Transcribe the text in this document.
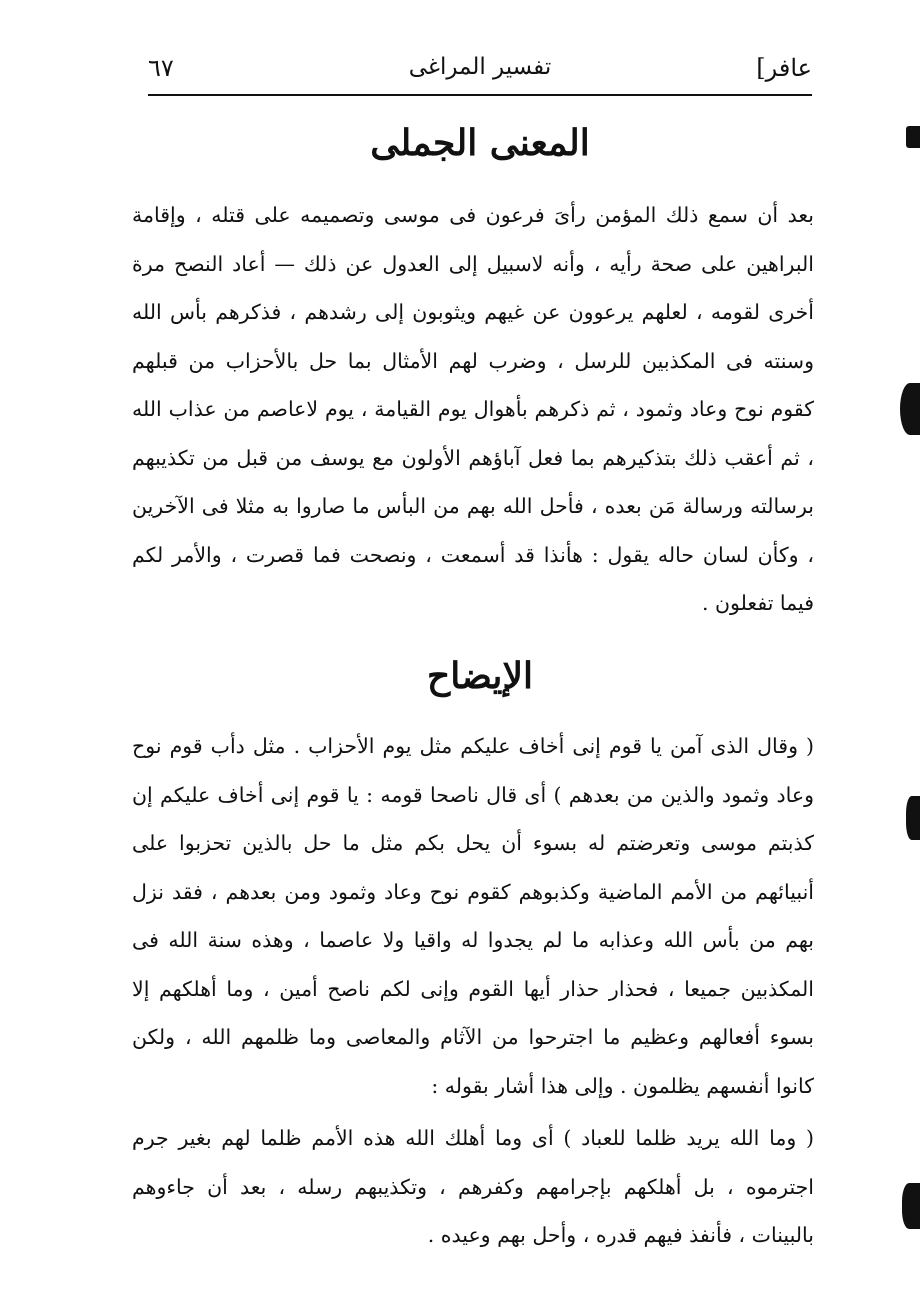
عافر]
تفسير المراغى
٦٧
المعنى الجملى

بعد أن سمع ذلك المؤمن رأىَ فرعون فى موسى وتصميمه على قتله ، وإقامة البراهين على صحة رأيه ، وأنه لاسبيل إلى العدول عن ذلك — أعاد النصح مرة أخرى لقومه ، لعلهم يرعوون عن غيهم ويثوبون إلى رشدهم ، فذكرهم بأس الله وسنته فى المكذبين للرسل ، وضرب لهم الأمثال بما حل بالأحزاب من قبلهم كقوم نوح وعاد وثمود ، ثم ذكرهم بأهوال يوم القيامة ، يوم لاعاصم من عذاب الله ، ثم أعقب ذلك بتذكيرهم بما فعل آباؤهم الأولون مع يوسف من قبل من تكذيبهم برسالته ورسالة مَن بعده ، فأحل الله بهم من البأس ما صاروا به مثلا فى الآخرين ، وكأن لسان حاله يقول : هأنذا قد أسمعت ، ونصحت فما قصرت ، والأمر لكم فيما تفعلون .

الإيضاح

( وقال الذى آمن يا قوم إنى أخاف عليكم مثل يوم الأحزاب . مثل دأب قوم نوح وعاد وثمود والذين من بعدهم ) أى قال ناصحا قومه : يا قوم إنى أخاف عليكم إن كذبتم موسى وتعرضتم له بسوء أن يحل بكم مثل ما حل بالذين تحزبوا على أنبيائهم من الأمم الماضية وكذبوهم كقوم نوح وعاد وثمود ومن بعدهم ، فقد نزل بهم من بأس الله وعذابه ما لم يجدوا له واقيا ولا عاصما ، وهذه سنة الله فى المكذبين جميعا ، فحذار حذار أيها القوم وإنى لكم ناصح أمين ، وما أهلكهم إلا بسوء أفعالهم وعظيم ما اجترحوا من الآثام والمعاصى وما ظلمهم الله ، ولكن كانوا أنفسهم يظلمون . وإلى هذا أشار بقوله :

( وما الله يريد ظلما للعباد ) أى وما أهلك الله هذه الأمم ظلما لهم بغير جرم اجترموه ، بل أهلكهم بإجرامهم وكفرهم ، وتكذيبهم رسله ، بعد أن جاءوهم بالبينات ، فأنفذ فيهم قدره ، وأحل بهم وعيده .
